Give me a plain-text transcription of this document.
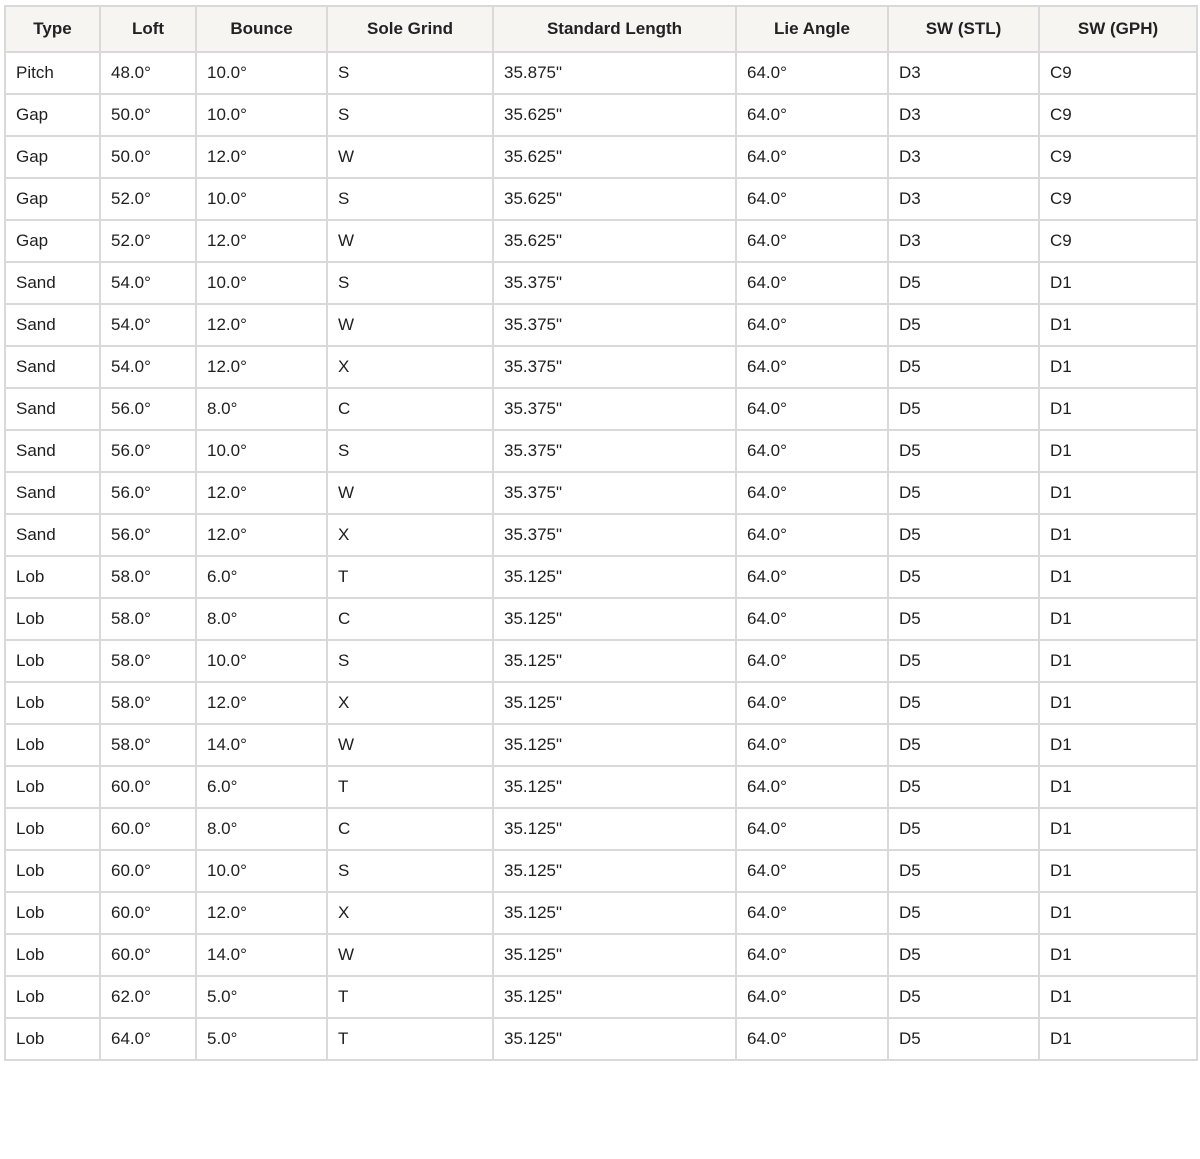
Type	Loft	Bounce	Sole Grind	Standard Length	Lie Angle	SW (STL)	SW (GPH)
Pitch	48.0°	10.0°	S	35.875"	64.0°	D3	C9
Gap	50.0°	10.0°	S	35.625"	64.0°	D3	C9
Gap	50.0°	12.0°	W	35.625"	64.0°	D3	C9
Gap	52.0°	10.0°	S	35.625"	64.0°	D3	C9
Gap	52.0°	12.0°	W	35.625"	64.0°	D3	C9
Sand	54.0°	10.0°	S	35.375"	64.0°	D5	D1
Sand	54.0°	12.0°	W	35.375"	64.0°	D5	D1
Sand	54.0°	12.0°	X	35.375"	64.0°	D5	D1
Sand	56.0°	8.0°	C	35.375"	64.0°	D5	D1
Sand	56.0°	10.0°	S	35.375"	64.0°	D5	D1
Sand	56.0°	12.0°	W	35.375"	64.0°	D5	D1
Sand	56.0°	12.0°	X	35.375"	64.0°	D5	D1
Lob	58.0°	6.0°	T	35.125"	64.0°	D5	D1
Lob	58.0°	8.0°	C	35.125"	64.0°	D5	D1
Lob	58.0°	10.0°	S	35.125"	64.0°	D5	D1
Lob	58.0°	12.0°	X	35.125"	64.0°	D5	D1
Lob	58.0°	14.0°	W	35.125"	64.0°	D5	D1
Lob	60.0°	6.0°	T	35.125"	64.0°	D5	D1
Lob	60.0°	8.0°	C	35.125"	64.0°	D5	D1
Lob	60.0°	10.0°	S	35.125"	64.0°	D5	D1
Lob	60.0°	12.0°	X	35.125"	64.0°	D5	D1
Lob	60.0°	14.0°	W	35.125"	64.0°	D5	D1
Lob	62.0°	5.0°	T	35.125"	64.0°	D5	D1
Lob	64.0°	5.0°	T	35.125"	64.0°	D5	D1
